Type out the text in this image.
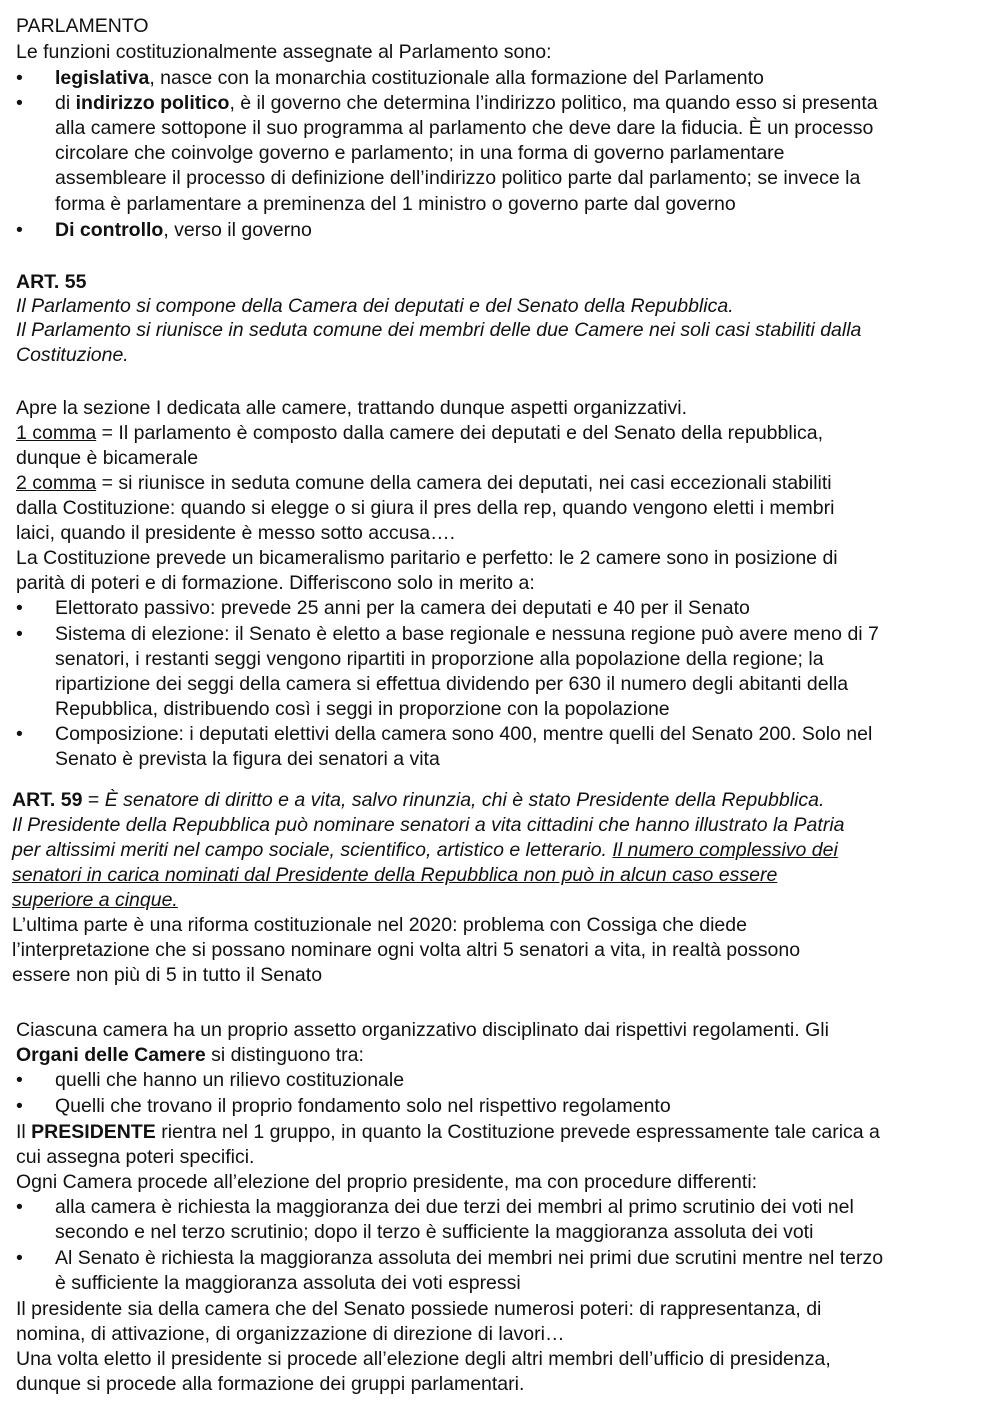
PARLAMENTO
Le funzioni costituzionalmente assegnate al Parlamento sono:
•	legislativa, nasce con la monarchia costituzionale alla formazione del Parlamento
•	di indirizzo politico, è il governo che determina l’indirizzo politico, ma quando esso si presenta
alla camere sottopone il suo programma al parlamento che deve dare la fiducia. È un processo
circolare che coinvolge governo e parlamento; in una forma di governo parlamentare
assembleare il processo di definizione dell’indirizzo politico parte dal parlamento; se invece la
forma è parlamentare a preminenza del 1 ministro o governo parte dal governo
•	Di controllo, verso il governo
ART. 55
Il Parlamento si compone della Camera dei deputati e del Senato della Repubblica.
Il Parlamento si riunisce in seduta comune dei membri delle due Camere nei soli casi stabiliti dalla
Costituzione.
Apre la sezione I dedicata alle camere, trattando dunque aspetti organizzativi.
1 comma = Il parlamento è composto dalla camere dei deputati e del Senato della repubblica,
dunque è bicamerale
2 comma = si riunisce in seduta comune della camera dei deputati, nei casi eccezionali stabiliti
dalla Costituzione: quando si elegge o si giura il pres della rep, quando vengono eletti i membri
laici, quando il presidente è messo sotto accusa….
La Costituzione prevede un bicameralismo paritario e perfetto: le 2 camere sono in posizione di
parità di poteri e di formazione. Differiscono solo in merito a:
•	Elettorato passivo: prevede 25 anni per la camera dei deputati e 40 per il Senato
•	Sistema di elezione: il Senato è eletto a base regionale e nessuna regione può avere meno di 7
senatori, i restanti seggi vengono ripartiti in proporzione alla popolazione della regione; la
ripartizione dei seggi della camera si effettua dividendo per 630 il numero degli abitanti della
Repubblica, distribuendo così i seggi in proporzione con la popolazione
•	Composizione: i deputati elettivi della camera sono 400, mentre quelli del Senato 200. Solo nel
Senato è prevista la figura dei senatori a vita
ART. 59 = È senatore di diritto e a vita, salvo rinunzia, chi è stato Presidente della Repubblica.
Il Presidente della Repubblica può nominare senatori a vita cittadini che hanno illustrato la Patria
per altissimi meriti nel campo sociale, scientifico, artistico e letterario. Il numero complessivo dei
senatori in carica nominati dal Presidente della Repubblica non può in alcun caso essere
superiore a cinque.
L’ultima parte è una riforma costituzionale nel 2020: problema con Cossiga che diede
l’interpretazione che si possano nominare ogni volta altri 5 senatori a vita, in realtà possono
essere non più di 5 in tutto il Senato
Ciascuna camera ha un proprio assetto organizzativo disciplinato dai rispettivi regolamenti. Gli
Organi delle Camere si distinguono tra:
•	quelli che hanno un rilievo costituzionale
•	Quelli che trovano il proprio fondamento solo nel rispettivo regolamento
Il PRESIDENTE rientra nel 1 gruppo, in quanto la Costituzione prevede espressamente tale carica a
cui assegna poteri specifici.
Ogni Camera procede all’elezione del proprio presidente, ma con procedure differenti:
•	alla camera è richiesta la maggioranza dei due terzi dei membri al primo scrutinio dei voti nel
secondo e nel terzo scrutinio; dopo il terzo è sufficiente la maggioranza assoluta dei voti
•	Al Senato è richiesta la maggioranza assoluta dei membri nei primi due scrutini mentre nel terzo
è sufficiente la maggioranza assoluta dei voti espressi
Il presidente sia della camera che del Senato possiede numerosi poteri: di rappresentanza, di
nomina, di attivazione, di organizzazione di direzione di lavori…
Una volta eletto il presidente si procede all’elezione degli altri membri dell’ufficio di presidenza,
dunque si procede alla formazione dei gruppi parlamentari.
